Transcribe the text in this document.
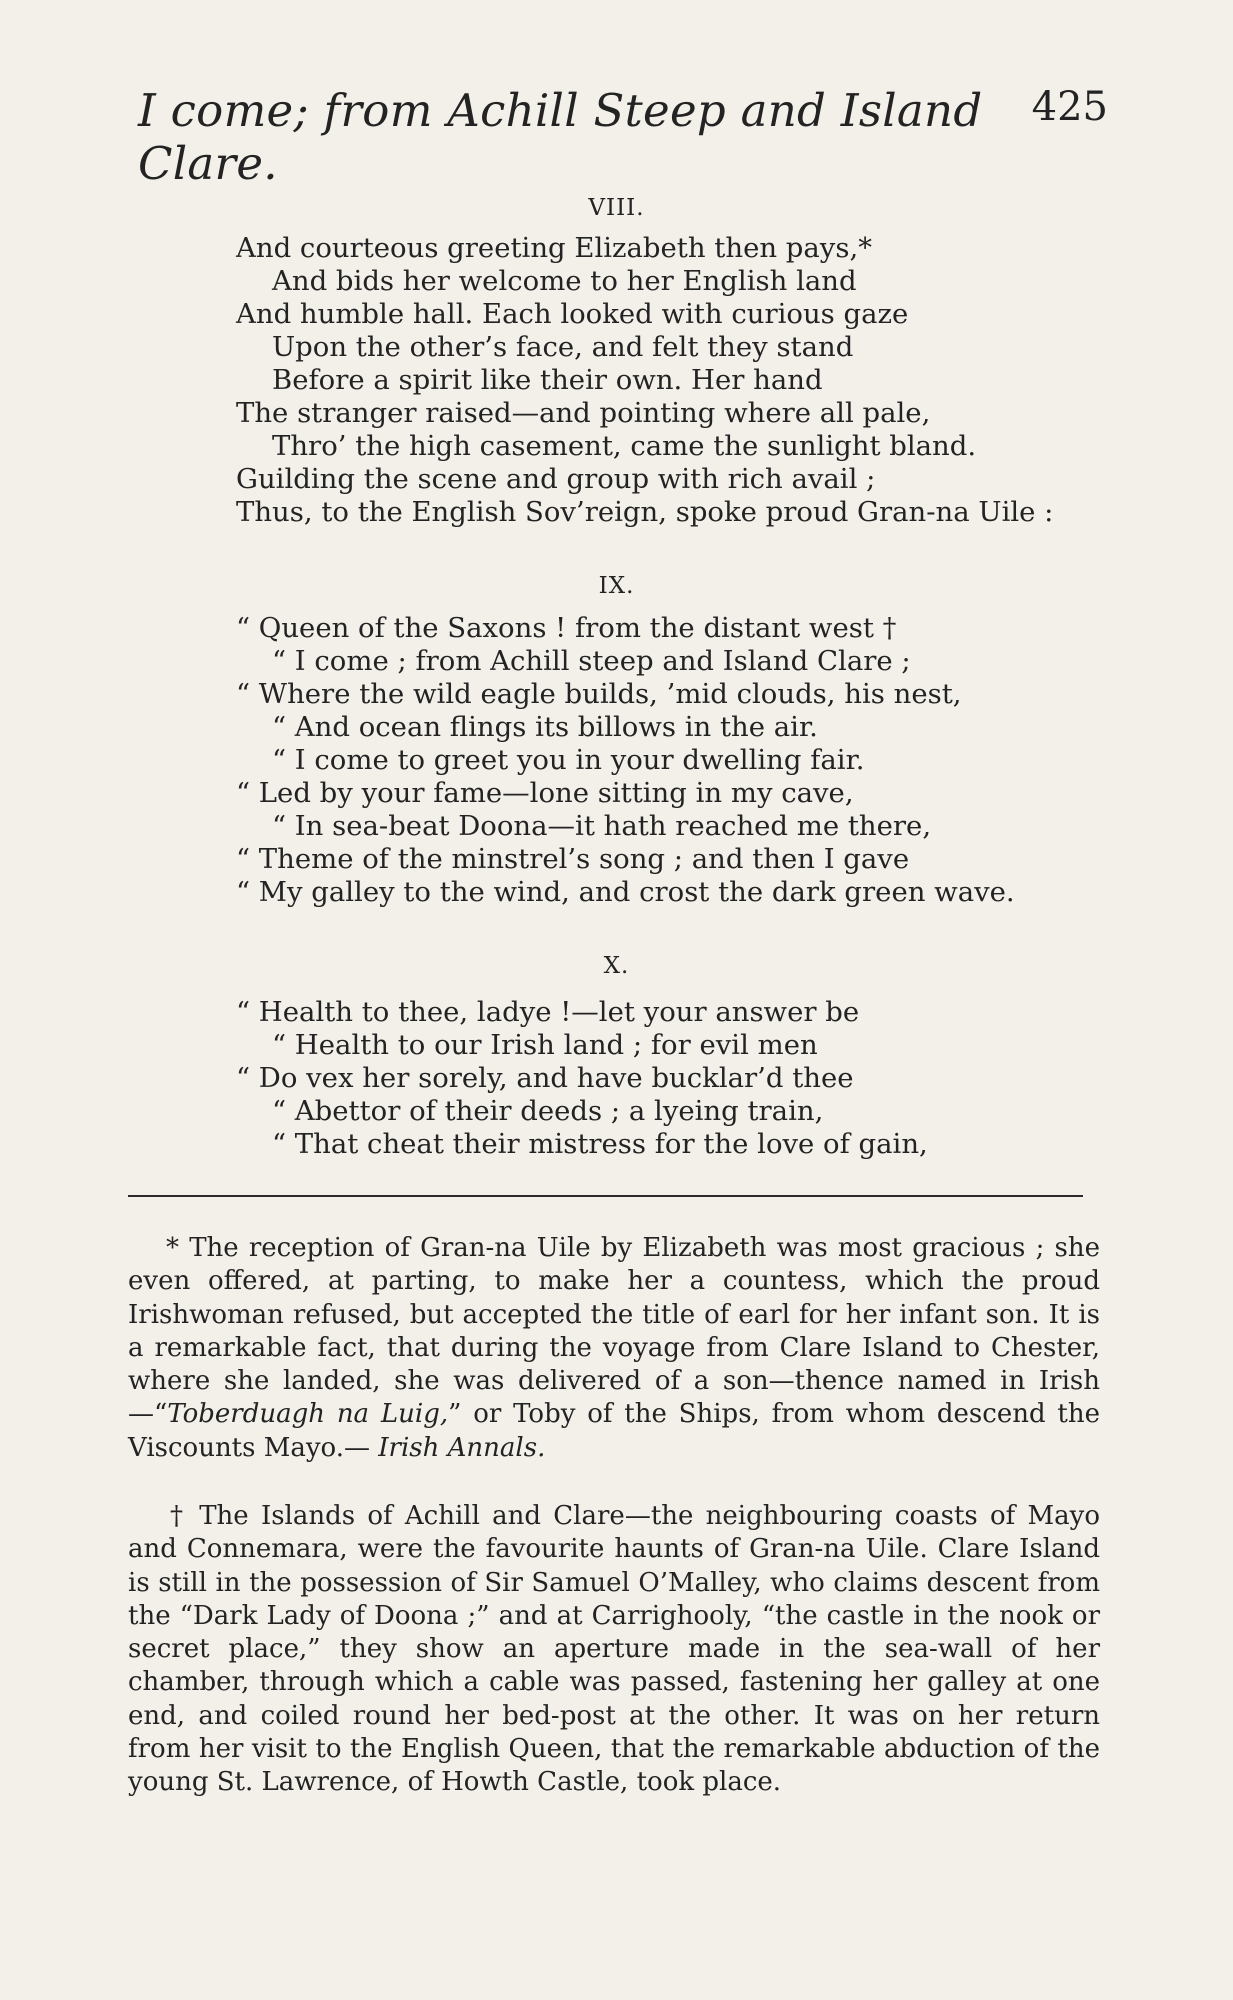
I come; from Achill Steep and Island Clare.
425
VIII.
And courteous greeting Elizabeth then pays,*
And bids her welcome to her English land
And humble hall. Each looked with curious gaze
Upon the other’s face, and felt they stand
Before a spirit like their own. Her hand
The stranger raised—and pointing where all pale,
Thro’ the high casement, came the sunlight bland.
Guilding the scene and group with rich avail ;
Thus, to the English Sov’reign, spoke proud Gran-na Uile :
IX.
“ Queen of the Saxons ! from the distant west †
“ I come ; from Achill steep and Island Clare ;
“ Where the wild eagle builds, ’mid clouds, his nest,
“ And ocean flings its billows in the air.
“ I come to greet you in your dwelling fair.
“ Led by your fame—lone sitting in my cave,
“ In sea-beat Doona—it hath reached me there,
“ Theme of the minstrel’s song ; and then I gave
“ My galley to the wind, and crost the dark green wave.
X.
“ Health to thee, ladye !—let your answer be
“ Health to our Irish land ; for evil men
“ Do vex her sorely, and have bucklar’d thee
“ Abettor of their deeds ; a lyeing train,
“ That cheat their mistress for the love of gain,
* The reception of Gran-na Uile by Elizabeth was most gracious ; she even offered, at parting, to make her a countess, which the proud Irishwoman refused, but accepted the title of earl for her infant son. It is a remarkable fact, that during the voyage from Clare Island to Chester, where she landed, she was delivered of a son—thence named in Irish—“Toberduagh na Luig,” or Toby of the Ships, from whom descend the Viscounts Mayo.— Irish Annals.
† The Islands of Achill and Clare—the neighbouring coasts of Mayo and Connemara, were the favourite haunts of Gran-na Uile. Clare Island is still in the possession of Sir Samuel O’Malley, who claims descent from the “Dark Lady of Doona ;” and at Carrighooly, “the castle in the nook or secret place,” they show an aperture made in the sea-wall of her chamber, through which a cable was passed, fastening her galley at one end, and coiled round her bed-post at the other. It was on her return from her visit to the English Queen, that the remarkable abduction of the young St. Lawrence, of Howth Castle, took place.
